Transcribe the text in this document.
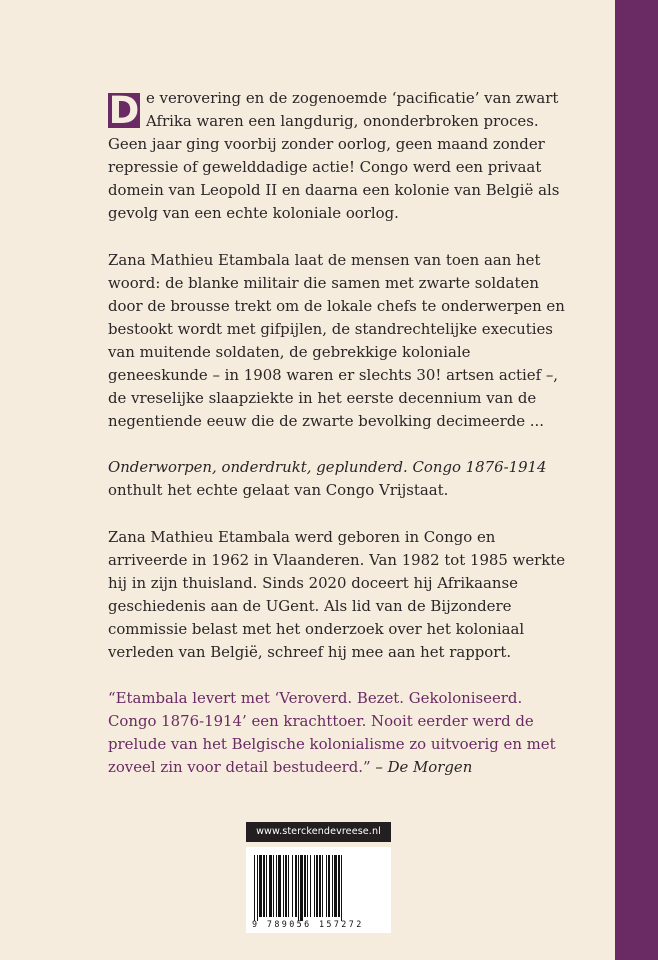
D e verovering en de zogenoemde ‘pacificatie’ van zwart Afrika waren een langdurig, ononderbroken proces. Geen jaar ging voorbij zonder oorlog, geen maand zonder repressie of gewelddadige actie! Congo werd een privaat domein van Leopold II en daarna een kolonie van België als gevolg van een echte koloniale oorlog.

Zana Mathieu Etambala laat de mensen van toen aan het woord: de blanke militair die samen met zwarte soldaten door de brousse trekt om de lokale chefs te onderwerpen en bestookt wordt met gifpijlen, de standrechtelijke executies van muitende soldaten, de gebrekkige koloniale geneeskunde – in 1908 waren er slechts 30! artsen actief –, de vreselijke slaapziekte in het eerste decennium van de negentiende eeuw die de zwarte bevolking decimeerde ...

Onderworpen, onderdrukt, geplunderd. Congo 1876-1914 onthult het echte gelaat van Congo Vrijstaat.

Zana Mathieu Etambala werd geboren in Congo en arriveerde in 1962 in Vlaanderen. Van 1982 tot 1985 werkte hij in zijn thuisland. Sinds 2020 doceert hij Afrikaanse geschiedenis aan de UGent. Als lid van de Bijzondere commissie belast met het onderzoek over het koloniaal verleden van België, schreef hij mee aan het rapport.

“Etambala levert met ‘Veroverd. Bezet. Gekoloniseerd. Congo 1876-1914’ een krachttoer. Nooit eerder werd de prelude van het Belgische kolonialisme zo uitvoerig en met zoveel zin voor detail bestudeerd.” – De Morgen

www.sterckendevreese.nl
9 789056 157272
